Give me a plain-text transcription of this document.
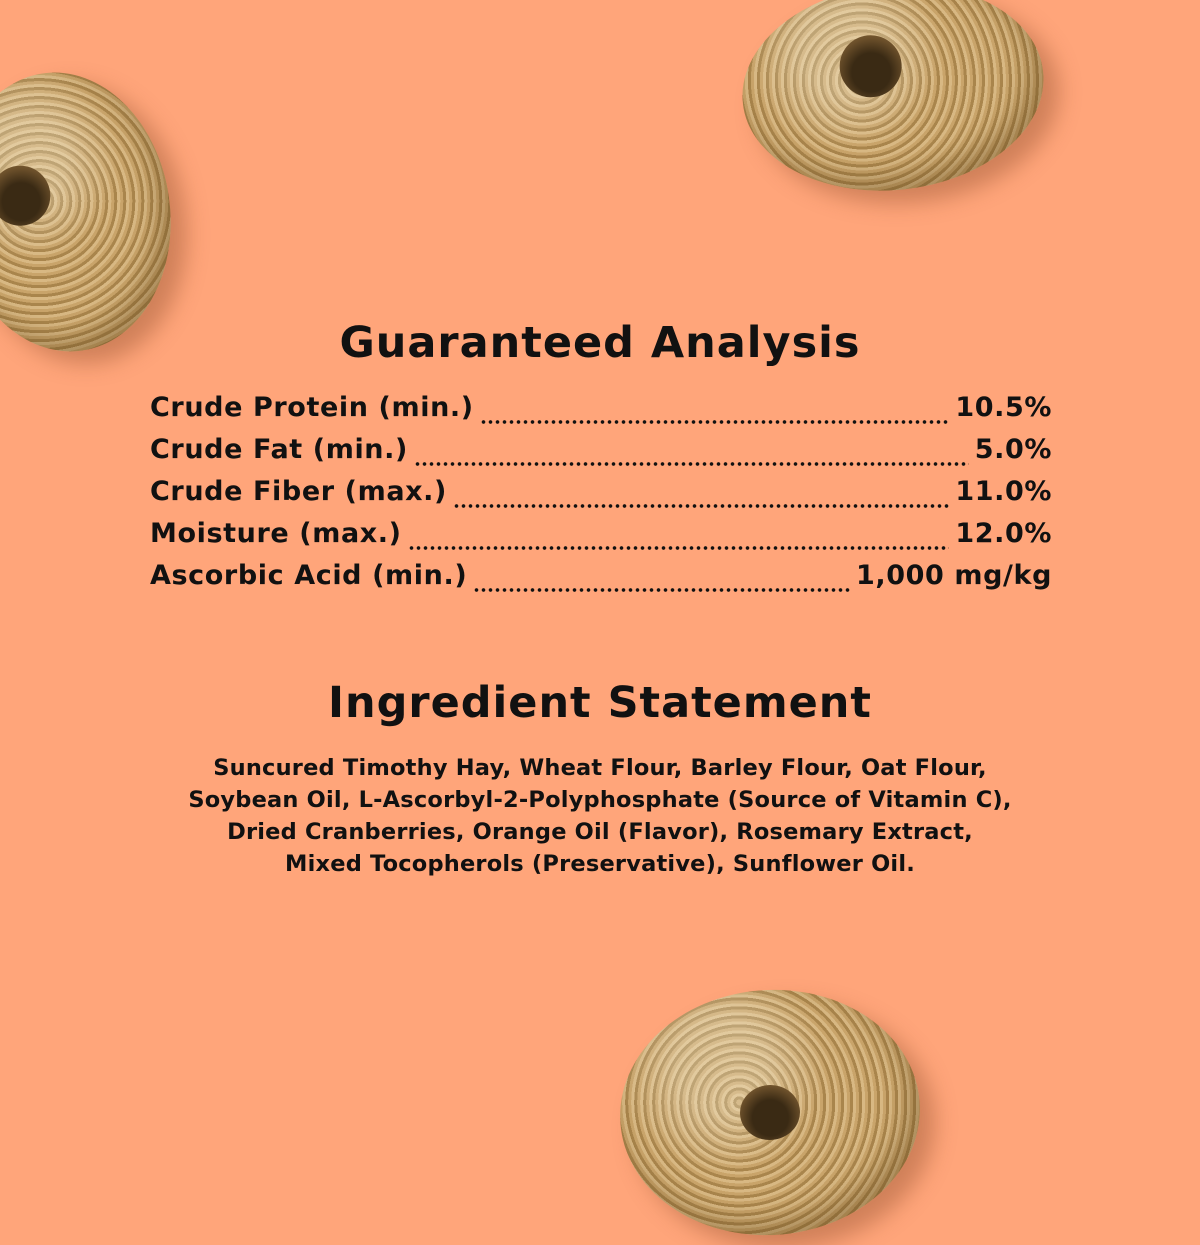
Guaranteed Analysis
Crude Protein (min.)	10.5%
Crude Fat (min.)	5.0%
Crude Fiber (max.)	11.0%
Moisture (max.)	12.0%
Ascorbic Acid (min.)	1,000 mg/kg
Ingredient Statement

Suncured Timothy Hay, Wheat Flour, Barley Flour, Oat Flour,
Soybean Oil, L-Ascorbyl-2-Polyphosphate (Source of Vitamin C),
Dried Cranberries, Orange Oil (Flavor), Rosemary Extract,
Mixed Tocopherols (Preservative), Sunflower Oil.
